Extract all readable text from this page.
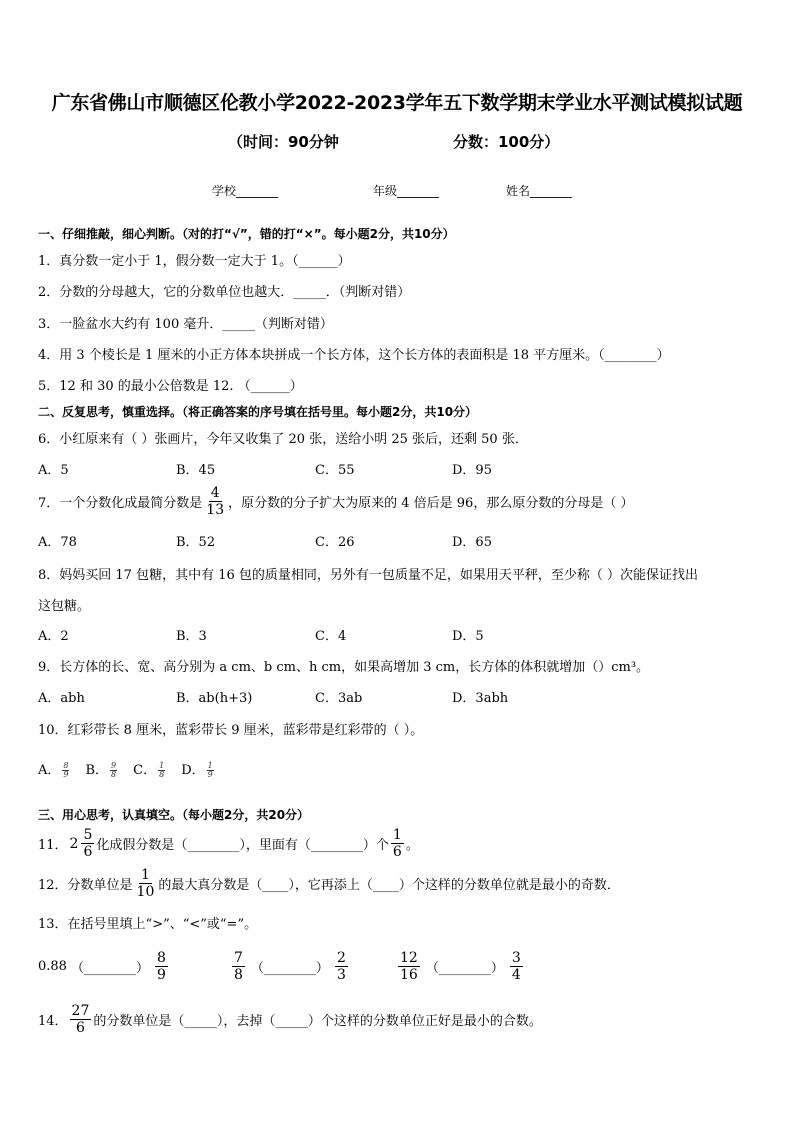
广东省佛山市顺德区伦教小学2022-2023学年五下数学期末学业水平测试模拟试题
（时间：90分钟	分数：100分）
学校_______	年级_______	姓名_______
一、仔细推敲，细心判断。（对的打“√”，错的打“×”。每小题2分，共10分）
1．真分数一定小于 1，假分数一定大于 1。（______）
2．分数的分母越大，它的分数单位也越大．_____．（判断对错）
3．一脸盆水大约有 100 毫升．_____（判断对错）
4．用 3 个棱长是 1 厘米的小正方体本块拼成一个长方体，这个长方体的表面积是 18 平方厘米。（________）
5．12 和 30 的最小公倍数是 12. （______）
二、反复思考，慎重选择。（将正确答案的序号填在括号里。每小题2分，共10分）
6．小红原来有（ ）张画片，今年又收集了 20 张，送给小明 25 张后，还剩 50 张．
A．5	B．45	C．55	D．95
7．一个分数化成最简分数是 $\frac{4}{13}$ ，原分数的分子扩大为原来的 4 倍后是 96，那么原分数的分母是（ ）
A．78	B．52	C．26	D．65
8．妈妈买回 17 包糖，其中有 16 包的质量相同，另外有一包质量不足，如果用天平秤，至少称（ ）次能保证找出
这包糖。
A．2	B．3	C．4	D．5
9．长方体的长、宽、高分别为 a cm、b cm、h cm，如果高增加 3 cm，长方体的体积就增加（）cm³。
A．abh	B．ab(h+3)	C．3ab	D．3abh
10．红彩带长 8 厘米，蓝彩带长 9 厘米，蓝彩带是红彩带的（ ）。
A． $\frac{8}{9}$ B． $\frac{9}{8}$ C． $\frac{1}{8}$ D． $\frac{1}{9}$
三、用心思考，认真填空。（每小题2分，共20分）
11． $2 \frac{5}{6}$ 化成假分数是（________），里面有（________）个 $\frac{1}{6}$ 。
12．分数单位是 $\frac{1}{10}$ 的最大真分数是（____），它再添上（____）个这样的分数单位就是最小的奇数．
13．在括号里填上“>”、“<”或“=”。
0.88 （________） $\frac{8}{9}$	$\frac{7}{8}$ （________） $\frac{2}{3}$	$\frac{12}{16}$ （________） $\frac{3}{4}$
14． $\frac{27}{6}$ 的分数单位是（_____），去掉（_____）个这样的分数单位正好是最小的合数。
